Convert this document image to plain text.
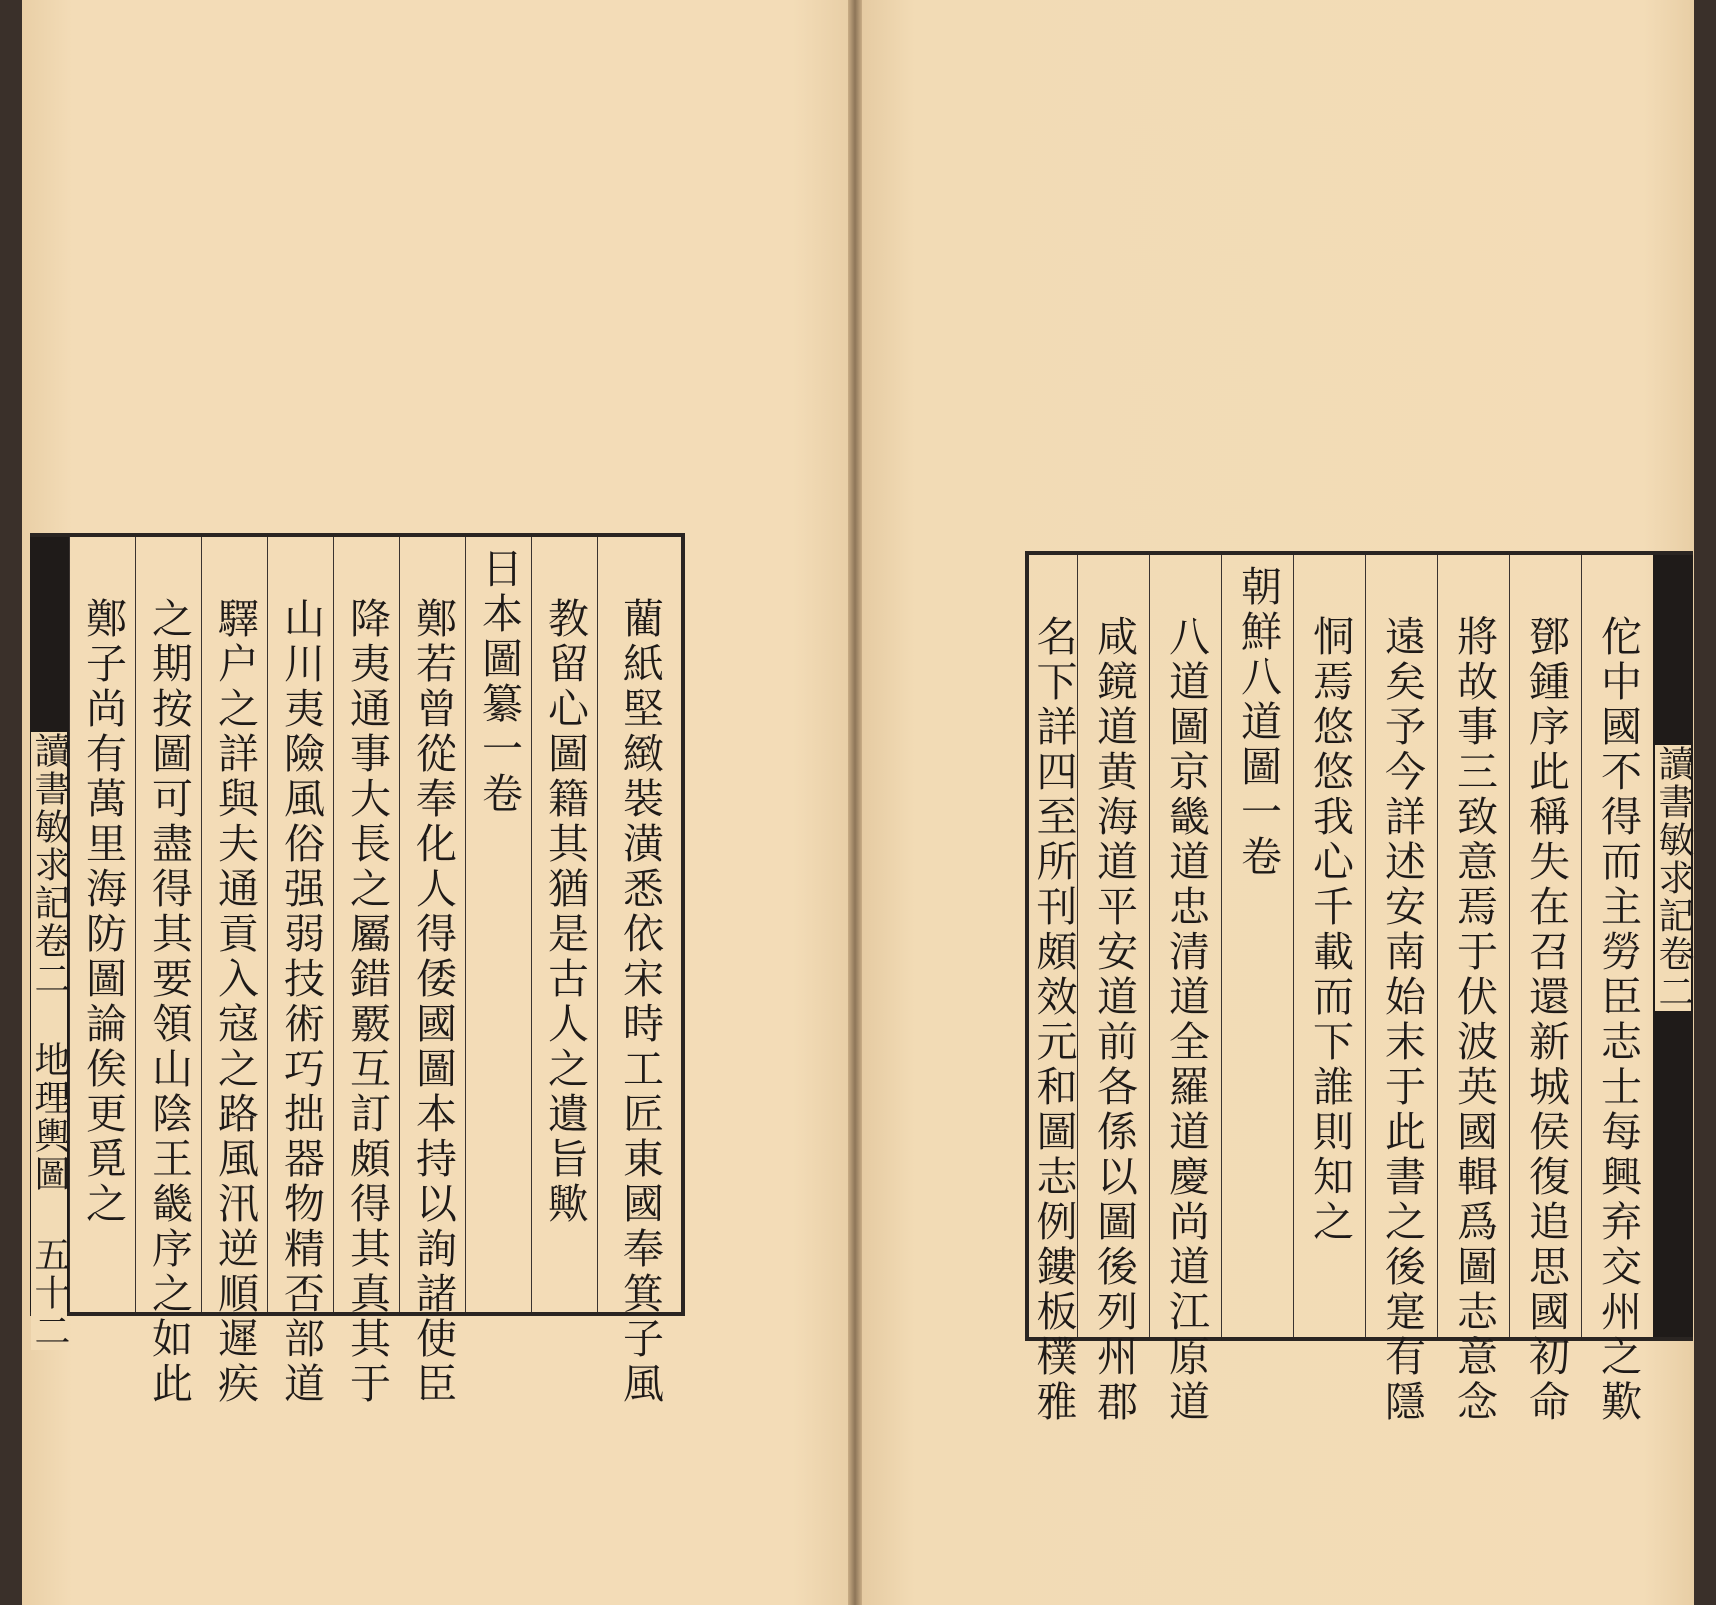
藺紙堅緻裝潢悉依宋時工匠東國奉箕子風
教留心圖籍其猶是古人之遺旨歟
日本圖纂一卷
鄭若曾從奉化人得倭國圖本持以詢諸使臣
降夷通事大長之屬錯覈互訂頗得其真其于
山川夷險風俗强弱技術巧拙器物精否部道
驛户之詳與夫通貢入寇之路風汛逆順遲疾
之期按圖可盡得其要領山陰王畿序之如此
鄭子尚有萬里海防圖論俟更覓之
讀書敏求記卷二 地理輿圖 五十二	佗中國不得而主勞臣志士每興弃交州之歎
鄧鍾序此稱失在召還新城侯復追思國初命
將故事三致意焉于伏波英國輯爲圖志意念
遠矣予今詳述安南始末于此書之後寔有隱
恫焉悠悠我心千載而下誰則知之
朝鮮八道圖一卷
八道圖京畿道忠清道全羅道慶尚道江原道
咸鏡道黄海道平安道前各係以圖後列州郡
名下詳四至所刊頗效元和圖志例鏤板樸雅	讀書敏求記卷二
